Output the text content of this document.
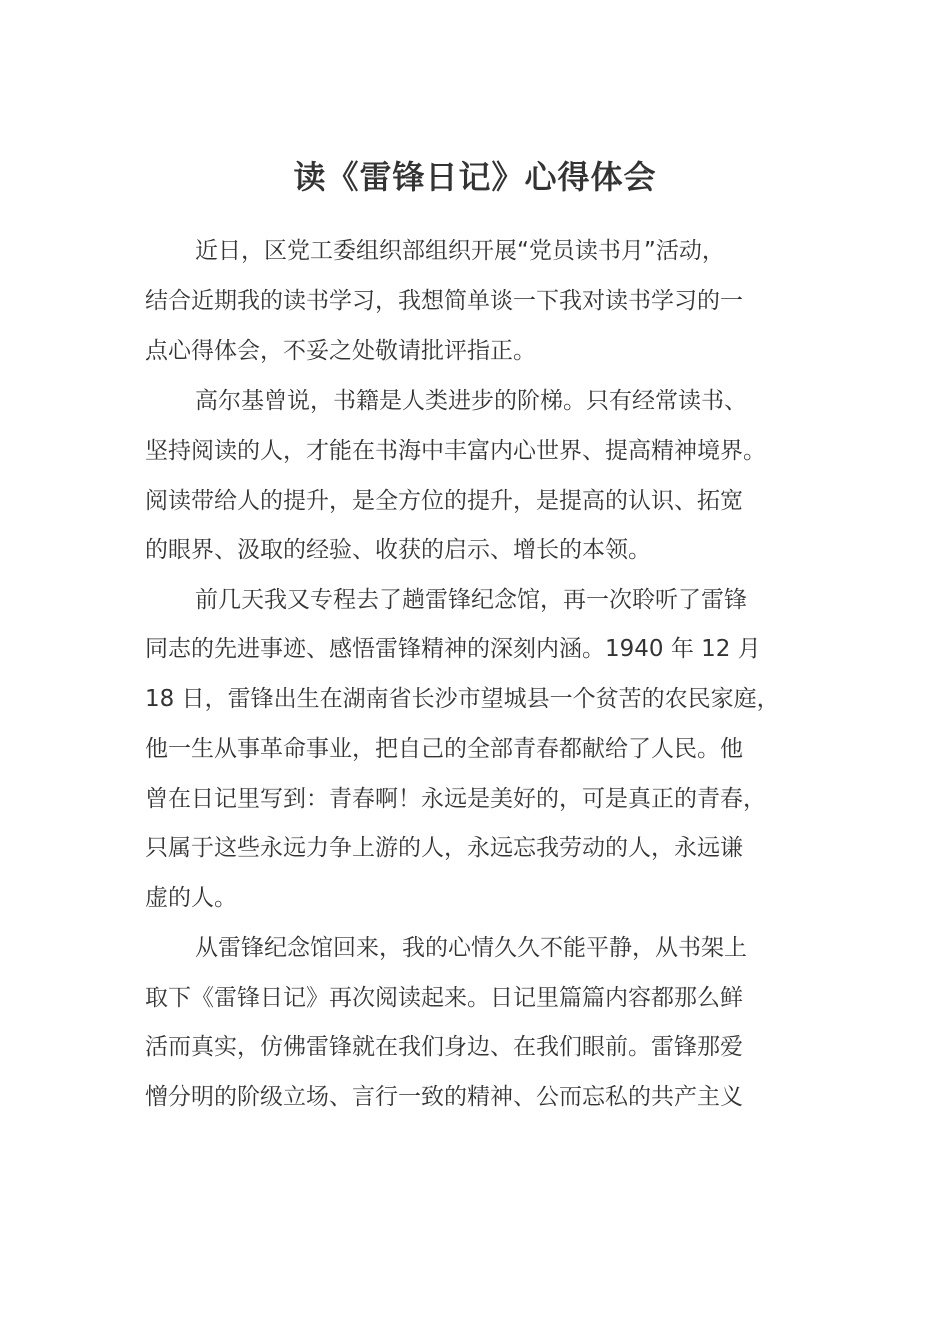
读《雷锋日记》心得体会
近日，区党工委组织部组织开展“党员读书月”活动，
结合近期我的读书学习，我想简单谈一下我对读书学习的一
点心得体会，不妥之处敬请批评指正。
高尔基曾说，书籍是人类进步的阶梯。只有经常读书、
坚持阅读的人，才能在书海中丰富内心世界、提高精神境界。
阅读带给人的提升，是全方位的提升，是提高的认识、拓宽
的眼界、汲取的经验、收获的启示、增长的本领。
前几天我又专程去了趟雷锋纪念馆，再一次聆听了雷锋
同志的先进事迹、感悟雷锋精神的深刻内涵。1940 年 12 月
18 日，雷锋出生在湖南省长沙市望城县一个贫苦的农民家庭，
他一生从事革命事业，把自己的全部青春都献给了人民。他
曾在日记里写到：青春啊！永远是美好的，可是真正的青春，
只属于这些永远力争上游的人，永远忘我劳动的人，永远谦
虚的人。
从雷锋纪念馆回来，我的心情久久不能平静，从书架上
取下《雷锋日记》再次阅读起来。日记里篇篇内容都那么鲜
活而真实，仿佛雷锋就在我们身边、在我们眼前。雷锋那爱
憎分明的阶级立场、言行一致的精神、公而忘私的共产主义
